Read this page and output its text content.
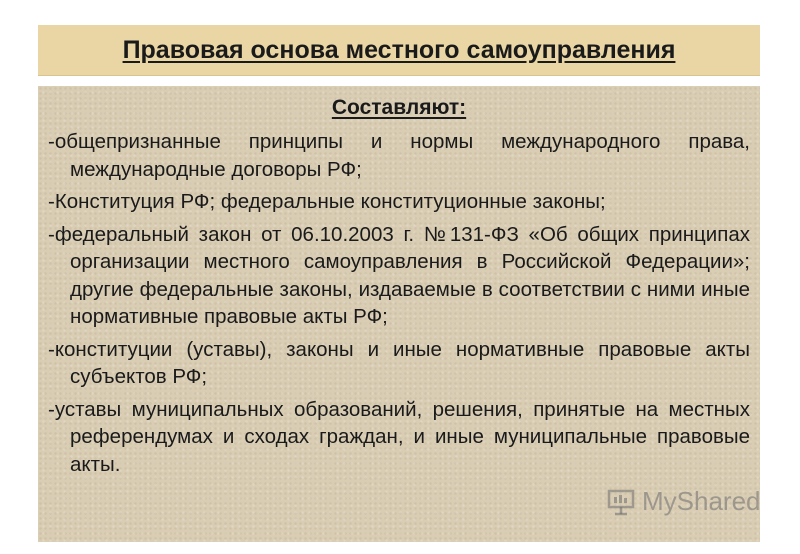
Правовая основа местного самоуправления
Составляют:

-общепризнанные принципы и нормы международного права, международные договоры РФ;

-Конституция РФ; федеральные конституционные законы;

-федеральный закон от 06.10.2003 г. №131-ФЗ «Об общих принципах организации местного самоуправления в Российской Федерации»; другие федеральные законы, издаваемые в соответствии с ними иные нормативные правовые акты РФ;

-конституции (уставы), законы и иные нормативные правовые акты субъектов РФ;

-уставы муниципальных образований, решения, принятые на местных референдумах и сходах граждан, и иные муниципальные правовые акты.

MyShared
